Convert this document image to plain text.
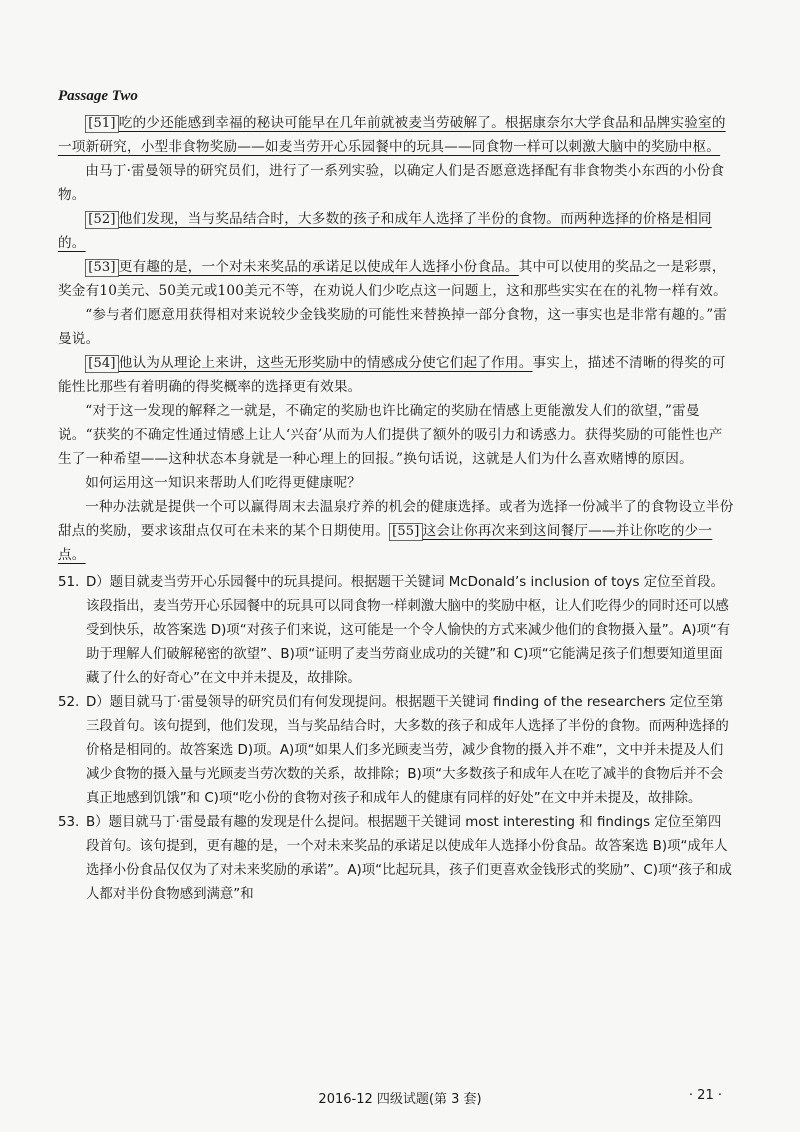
Passage Two

[51] 吃的少还能感到幸福的秘诀可能早在几年前就被麦当劳破解了。根据康奈尔大学食品和品牌实验室的一项新研究，小型非食物奖励——如麦当劳开心乐园餐中的玩具——同食物一样可以刺激大脑中的奖励中枢。

由马丁·雷曼领导的研究员们，进行了一系列实验，以确定人们是否愿意选择配有非食物类小东西的小份食物。

[52] 他们发现，当与奖品结合时，大多数的孩子和成年人选择了半份的食物。而两种选择的价格是相同的。

[53] 更有趣的是，一个对未来奖品的承诺足以使成年人选择小份食品。其中可以使用的奖品之一是彩票，奖金有10美元、50美元或100美元不等，在劝说人们少吃点这一问题上，这和那些实实在在的礼物一样有效。

“参与者们愿意用获得相对来说较少金钱奖励的可能性来替换掉一部分食物，这一事实也是非常有趣的。”雷曼说。

[54] 他认为从理论上来讲，这些无形奖励中的情感成分使它们起了作用。事实上，描述不清晰的得奖的可能性比那些有着明确的得奖概率的选择更有效果。

“对于这一发现的解释之一就是，不确定的奖励也许比确定的奖励在情感上更能激发人们的欲望，”雷曼说。“获奖的不确定性通过情感上让人‘兴奋’从而为人们提供了额外的吸引力和诱惑力。获得奖励的可能性也产生了一种希望——这种状态本身就是一种心理上的回报。”换句话说，这就是人们为什么喜欢赌博的原因。

如何运用这一知识来帮助人们吃得更健康呢？

一种办法就是提供一个可以赢得周末去温泉疗养的机会的健康选择。或者为选择一份减半了的食物设立半份甜点的奖励，要求该甜点仅可在未来的某个日期使用。 [55] 这会让你再次来到这间餐厅——并让你吃的少一点。

51. D）题目就麦当劳开心乐园餐中的玩具提问。根据题干关键词 McDonald’s inclusion of toys 定位至首段。该段指出，麦当劳开心乐园餐中的玩具可以同食物一样刺激大脑中的奖励中枢，让人们吃得少的同时还可以感受到快乐，故答案选 D)项“对孩子们来说，这可能是一个令人愉快的方式来减少他们的食物摄入量”。A)项“有助于理解人们破解秘密的欲望”、B)项“证明了麦当劳商业成功的关键”和 C)项“它能满足孩子们想要知道里面藏了什么的好奇心”在文中并未提及，故排除。

52. D）题目就马丁·雷曼领导的研究员们有何发现提问。根据题干关键词 finding of the researchers 定位至第三段首句。该句提到，他们发现，当与奖品结合时，大多数的孩子和成年人选择了半份的食物。而两种选择的价格是相同的。故答案选 D)项。A)项“如果人们多光顾麦当劳，减少食物的摄入并不难”，文中并未提及人们减少食物的摄入量与光顾麦当劳次数的关系，故排除；B)项“大多数孩子和成年人在吃了减半的食物后并不会真正地感到饥饿”和 C)项“吃小份的食物对孩子和成年人的健康有同样的好处”在文中并未提及，故排除。

53. B）题目就马丁·雷曼最有趣的发现是什么提问。根据题干关键词 most interesting 和 findings 定位至第四段首句。该句提到，更有趣的是，一个对未来奖品的承诺足以使成年人选择小份食品。故答案选 B)项“成年人选择小份食品仅仅为了对未来奖励的承诺”。A)项“比起玩具，孩子们更喜欢金钱形式的奖励”、C)项“孩子和成人都对半份食物感到满意”和

2016-12 四级试题(第 3 套)	· 21 ·
